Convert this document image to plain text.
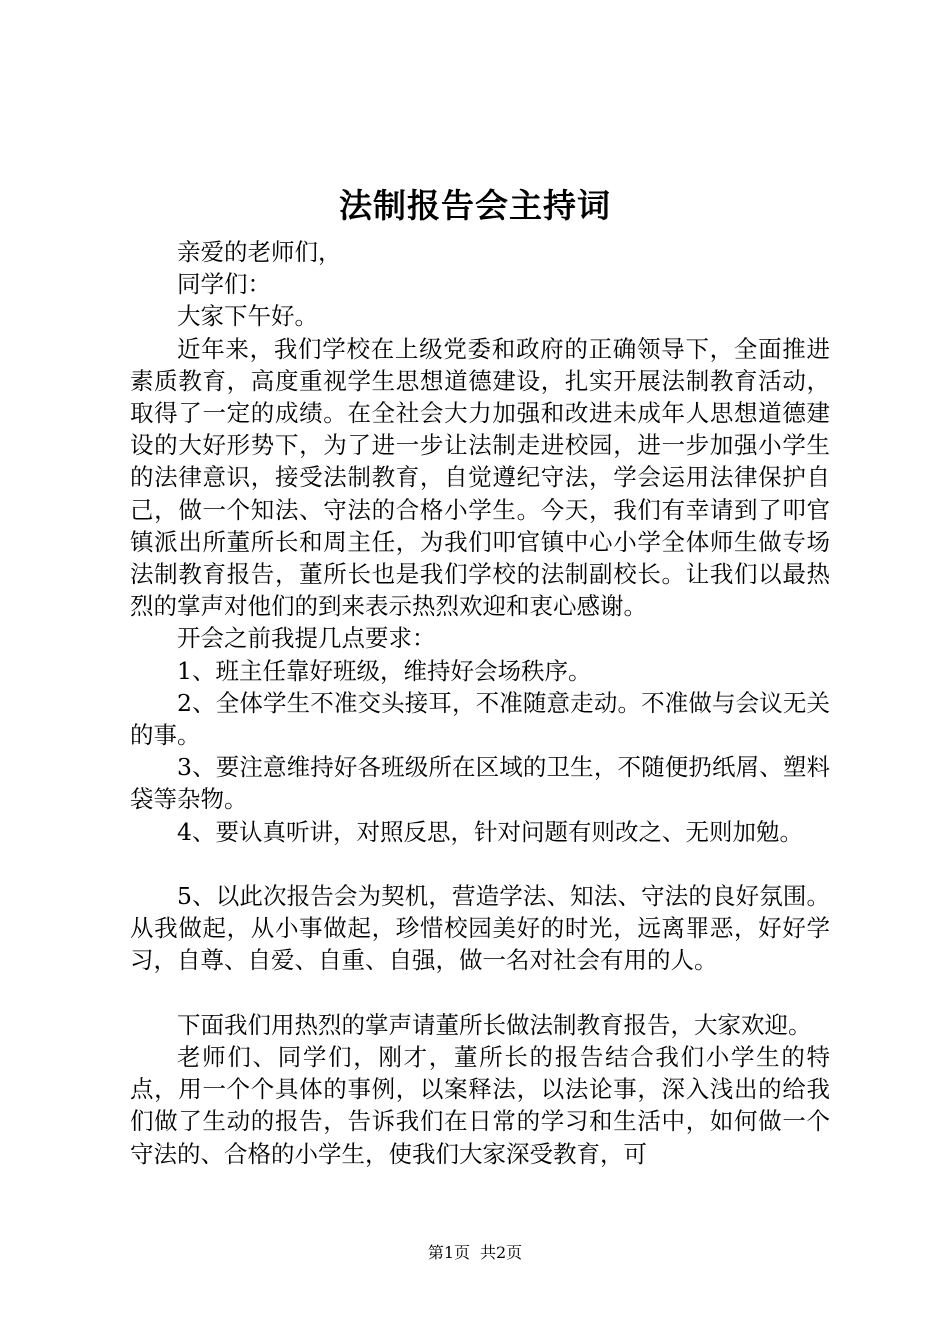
法制报告会主持词

亲爱的老师们，

同学们：

大家下午好。

近年来，我们学校在上级党委和政府的正确领导下，全面推进素质教育，高度重视学生思想道德建设，扎实开展法制教育活动，取得了一定的成绩。在全社会大力加强和改进未成年人思想道德建设的大好形势下，为了进一步让法制走进校园，进一步加强小学生的法律意识，接受法制教育，自觉遵纪守法，学会运用法律保护自己，做一个知法、守法的合格小学生。今天，我们有幸请到了叩官镇派出所董所长和周主任，为我们叩官镇中心小学全体师生做专场法制教育报告，董所长也是我们学校的法制副校长。让我们以最热烈的掌声对他们的到来表示热烈欢迎和衷心感谢。

开会之前我提几点要求：

1、班主任靠好班级，维持好会场秩序。

2、全体学生不准交头接耳，不准随意走动。不准做与会议无关的事。

3、要注意维持好各班级所在区域的卫生，不随便扔纸屑、塑料袋等杂物。

4、要认真听讲，对照反思，针对问题有则改之、无则加勉。

5、以此次报告会为契机，营造学法、知法、守法的良好氛围。从我做起，从小事做起，珍惜校园美好的时光，远离罪恶，好好学习，自尊、自爱、自重、自强，做一名对社会有用的人。

下面我们用热烈的掌声请董所长做法制教育报告，大家欢迎。

老师们、同学们，刚才，董所长的报告结合我们小学生的特点，用一个个具体的事例，以案释法，以法论事，深入浅出的给我们做了生动的报告，告诉我们在日常的学习和生活中，如何做一个守法的、合格的小学生，使我们大家深受教育，可

第1页 共2页
